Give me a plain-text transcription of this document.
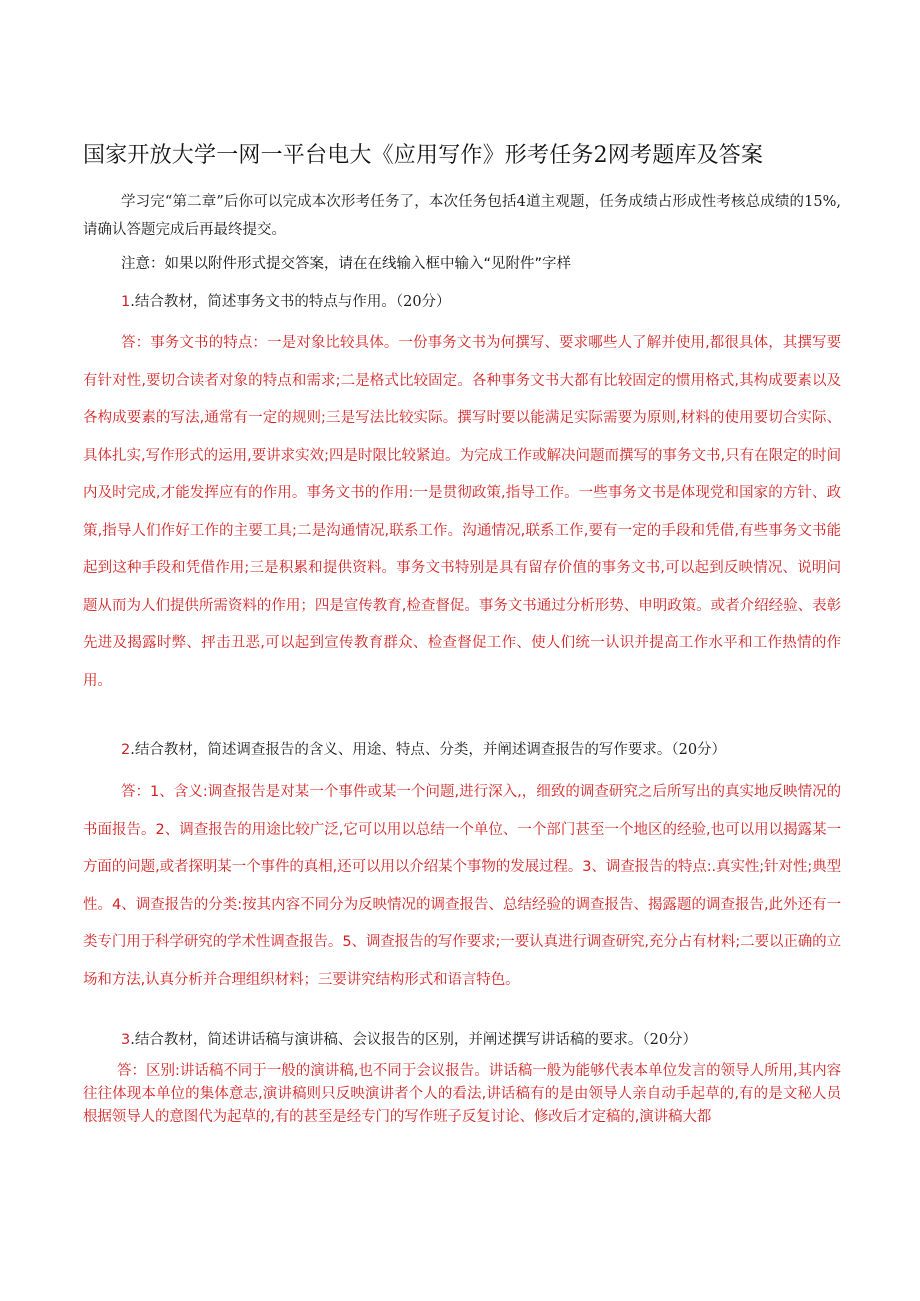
国家开放大学一网一平台电大《应用写作》形考任务2网考题库及答案

学习完“第二章”后你可以完成本次形考任务了，本次任务包括4道主观题，任务成绩占形成性考核总成绩的15%,请确认答题完成后再最终提交。

注意：如果以附件形式提交答案，请在在线输入框中输入“见附件”字样

1.结合教材，简述事务文书的特点与作用。（20分）

答：事务文书的特点：一是对象比较具体。一份事务文书为何撰写、要求哪些人了解并使用,都很具体，其撰写要有针对性,要切合读者对象的特点和需求;二是格式比较固定。各种事务文书大都有比较固定的惯用格式,其构成要素以及各构成要素的写法,通常有一定的规则;三是写法比较实际。撰写时要以能满足实际需要为原则,材料的使用要切合实际、具体扎实,写作形式的运用,要讲求实效;四是时限比较紧迫。为完成工作或解决问题而撰写的事务文书,只有在限定的时间内及时完成,才能发挥应有的作用。事务文书的作用:一是贯彻政策,指导工作。一些事务文书是体现党和国家的方针、政策,指导人们作好工作的主要工具;二是沟通情况,联系工作。沟通情况,联系工作,要有一定的手段和凭借,有些事务文书能起到这种手段和凭借作用;三是积累和提供资料。事务文书特别是具有留存价值的事务文书,可以起到反映情况、说明问题从而为人们提供所需资料的作用；四是宣传教育,检查督促。事务文书通过分析形势、申明政策。或者介绍经验、表彰先进及揭露时弊、抨击丑恶,可以起到宣传教育群众、检查督促工作、使人们统一认识并提高工作水平和工作热情的作用。

2.结合教材，简述调查报告的含义、用途、特点、分类，并阐述调查报告的写作要求。（20分）

答：1、含义:调查报告是对某一个事件或某一个问题,进行深入,，细致的调查研究之后所写出的真实地反映情况的书面报告。2、调查报告的用途比较广泛,它可以用以总结一个单位、一个部门甚至一个地区的经验,也可以用以揭露某一方面的问题,或者探明某一个事件的真相,还可以用以介绍某个事物的发展过程。3、调查报告的特点:.真实性;针对性;典型性。4、调查报告的分类:按其内容不同分为反映情况的调查报告、总结经验的调查报告、揭露题的调查报告,此外还有一类专门用于科学研究的学术性调查报告。5、调查报告的写作要求;一要认真进行调查研究,充分占有材料;二要以正确的立场和方法,认真分析并合理组织材料；三要讲究结构形式和语言特色。

3.结合教材，简述讲话稿与演讲稿、会议报告的区别，并阐述撰写讲话稿的要求。（20分）

答：区别:讲话稿不同于一般的演讲稿,也不同于会议报告。讲话稿一般为能够代表本单位发言的领导人所用,其内容往往体现本单位的集体意志,演讲稿则只反映演讲者个人的看法,讲话稿有的是由领导人亲自动手起草的,有的是文秘人员根据领导人的意图代为起草的,有的甚至是经专门的写作班子反复讨论、修改后才定稿的,演讲稿大都
